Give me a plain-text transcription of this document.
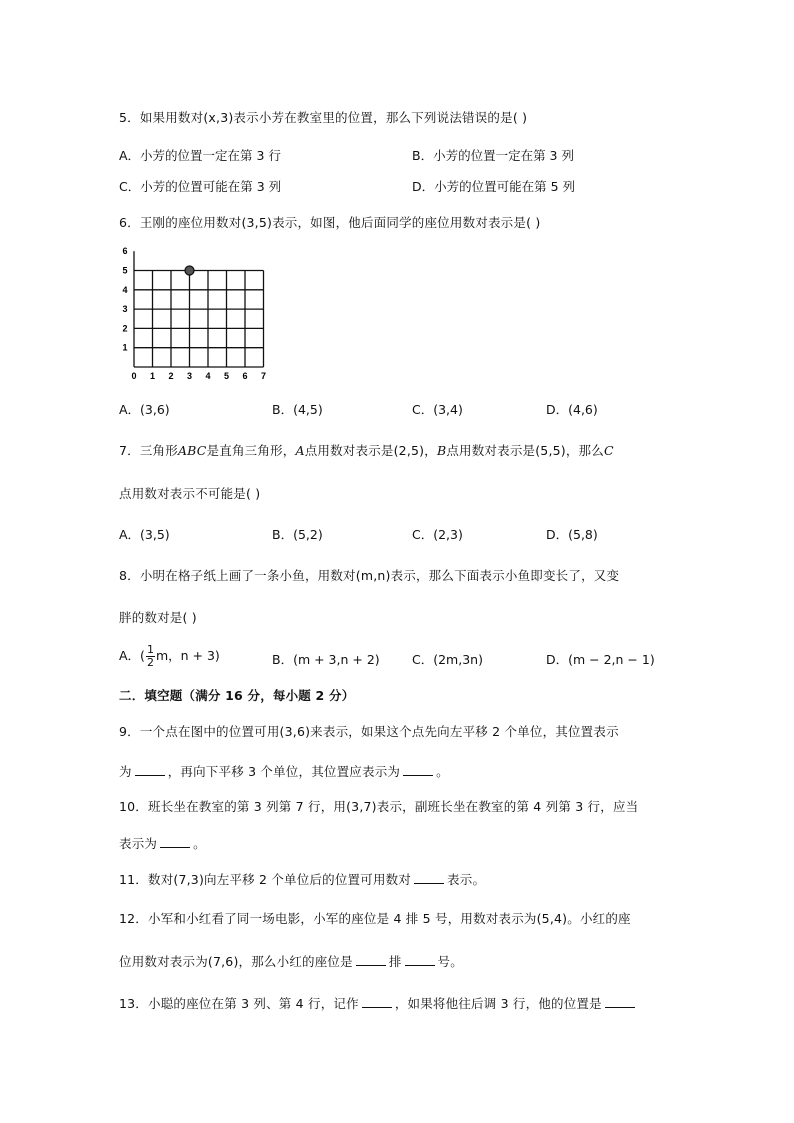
5．如果用数对(x,3)表示小芳在教室里的位置，那么下列说法错误的是( )
A．小芳的位置一定在第 3 行	B．小芳的位置一定在第 3 列
C．小芳的位置可能在第 3 列	D．小芳的位置可能在第 5 列
6．王刚的座位用数对(3,5)表示，如图，他后面同学的座位用数对表示是( )
0 1 2 3 4 5 6 7
1
2
3
4
5
6
A．(3,6)	B．(4,5)	C．(3,4)	D．(4,6)
7．三角形ABC是直角三角形，A点用数对表示是(2,5)，B点用数对表示是(5,5)，那么C
点用数对表示不可能是( )
A．(3,5)	B．(5,2)	C．(2,3)	D．(5,8)
8．小明在格子纸上画了一条小鱼，用数对(m,n)表示，那么下面表示小鱼即变长了，又变
胖的数对是( )
A．( $\frac{1}{2}$ m，n + 3)	B．(m + 3,n + 2)	C．(2m,3n)	D．(m − 2,n − 1)
二．填空题（满分 16 分，每小题 2 分）
9．一个点在图中的位置可用(3,6)来表示，如果这个点先向左平移 2 个单位，其位置表示
为	，再向下平移 3 个单位，其位置应表示为	。
10．班长坐在教室的第 3 列第 7 行，用(3,7)表示，副班长坐在教室的第 4 列第 3 行，应当
表示为	。
11．数对(7,3)向左平移 2 个单位后的位置可用数对	表示。
12．小军和小红看了同一场电影，小军的座位是 4 排 5 号，用数对表示为(5,4)。小红的座
位用数对表示为(7,6)，那么小红的座位是	排	号。
13．小聪的座位在第 3 列、第 4 行，记作	，如果将他往后调 3 行，他的位置是
